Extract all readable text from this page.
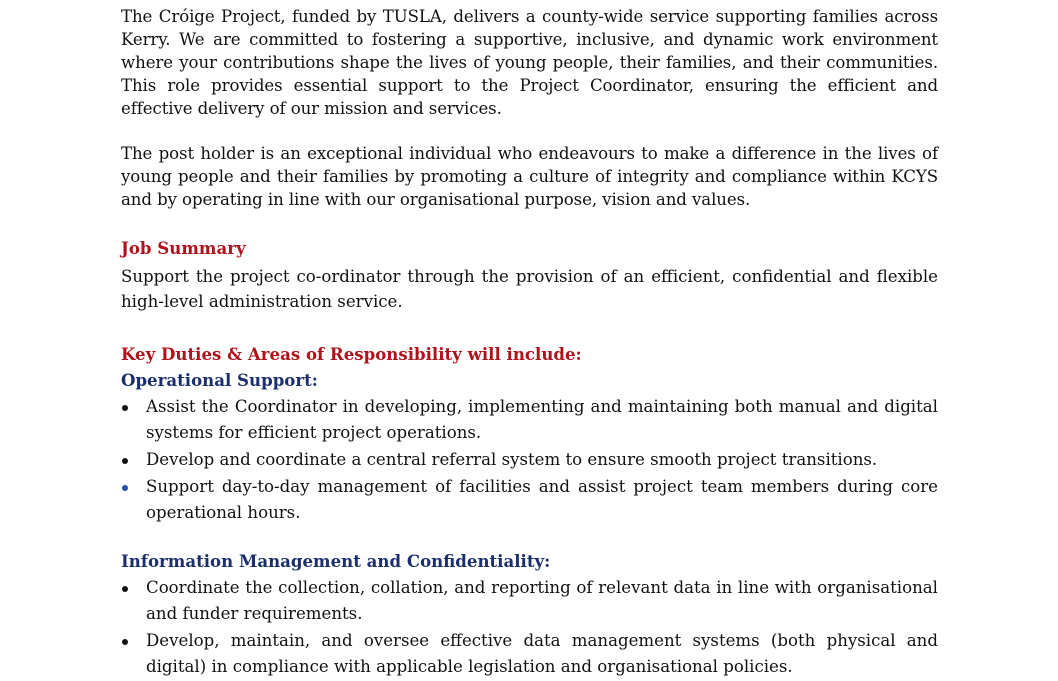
The Cróige Project, funded by TUSLA, delivers a county-wide service supporting families across Kerry. We are committed to fostering a supportive, inclusive, and dynamic work environment where your contributions shape the lives of young people, their families, and their communities. This role provides essential support to the Project Coordinator, ensuring the efficient and effective delivery of our mission and services.

The post holder is an exceptional individual who endeavours to make a difference in the lives of young people and their families by promoting a culture of integrity and compliance within KCYS and by operating in line with our organisational purpose, vision and values.

Job Summary

Support the project co-ordinator through the provision of an efficient, confidential and flexible high-level administration service.

Key Duties & Areas of Responsibility will include:
Operational Support:
Assist the Coordinator in developing, implementing and maintaining both manual and digital systems for efficient project operations.
Develop and coordinate a central referral system to ensure smooth project transitions.
Support day-to-day management of facilities and assist project team members during core operational hours.
Information Management and Confidentiality:
Coordinate the collection, collation, and reporting of relevant data in line with organisational and funder requirements.
Develop, maintain, and oversee effective data management systems (both physical and digital) in compliance with applicable legislation and organisational policies.
